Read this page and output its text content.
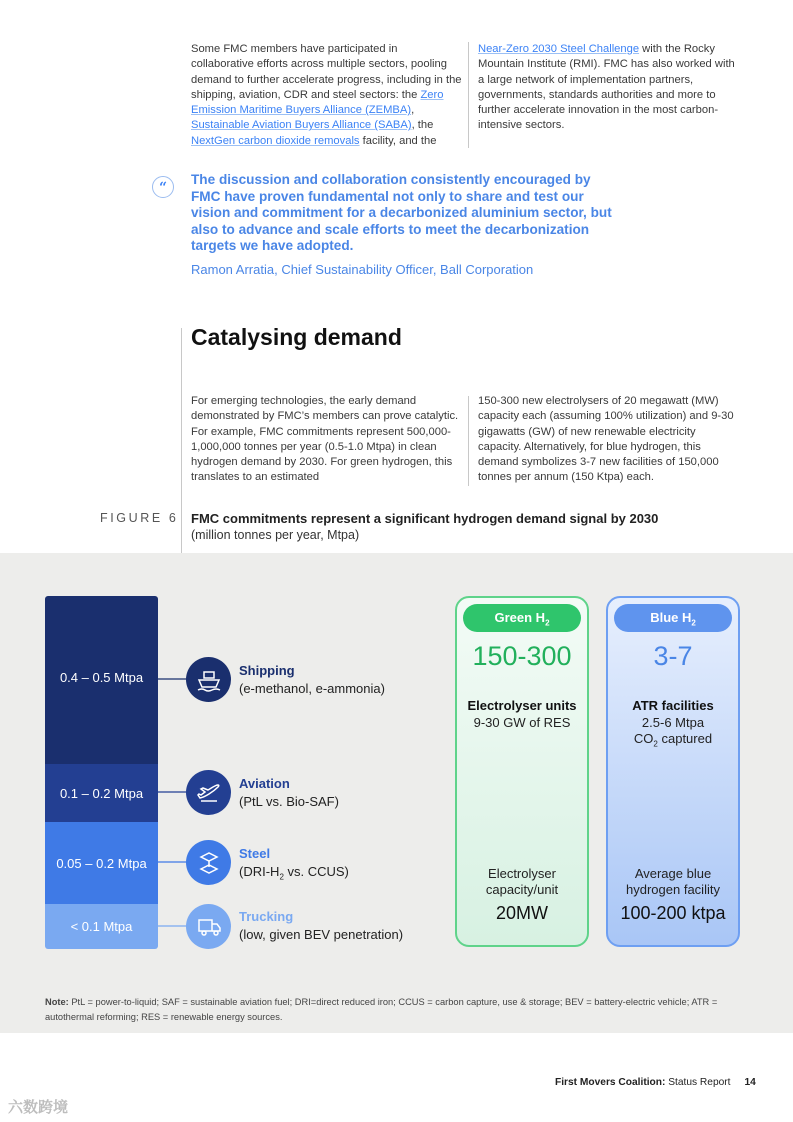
Some FMC members have participated in collaborative efforts across multiple sectors, pooling demand to further accelerate progress, including in the shipping, aviation, CDR and steel sectors: the Zero Emission Maritime Buyers Alliance (ZEMBA), Sustainable Aviation Buyers Alliance (SABA), the NextGen carbon dioxide removals facility, and the
Near-Zero 2030 Steel Challenge with the Rocky Mountain Institute (RMI). FMC has also worked with a large network of implementation partners, governments, standards authorities and more to further accelerate innovation in the most carbon-intensive sectors.
“
The discussion and collaboration consistently encouraged by FMC have proven fundamental not only to share and test our vision and commitment for a decarbonized aluminium sector, but also to advance and scale efforts to meet the decarbonization targets we have adopted.
Ramon Arratia, Chief Sustainability Officer, Ball Corporation
Catalysing demand
For emerging technologies, the early demand demonstrated by FMC’s members can prove catalytic. For example, FMC commitments represent 500,000-1,000,000 tonnes per year (0.5-1.0 Mtpa) in clean hydrogen demand by 2030. For green hydrogen, this translates to an estimated
150-300 new electrolysers of 20 megawatt (MW) capacity each (assuming 100% utilization) and 9-30 gigawatts (GW) of new renewable electricity capacity. Alternatively, for blue hydrogen, this demand symbolizes 3-7 new facilities of 150,000 tonnes per annum (150 Ktpa) each.
FIGURE 6 FMC commitments represent a significant hydrogen demand signal by 2030
(million tonnes per year, Mtpa)
0.4 – 0.5 Mtpa
0.1 – 0.2 Mtpa
0.05 – 0.2 Mtpa
< 0.1 Mtpa
Shipping
(e-methanol, e-ammonia)
Aviation
(PtL vs. Bio-SAF)
Steel
($DRI-H_2$ vs. CCUS)
Trucking
(low, given BEV penetration)
Green $H_2$
150-300
Electrolyser units
9-30 GW of RES
Electrolyser
capacity/unit
20MW
Blue $H_2$
3-7
ATR facilities
2.5-6 Mtpa
$CO_2$ captured
Average blue
hydrogen facility
100-200 ktpa
Note: PtL = power-to-liquid; SAF = sustainable aviation fuel; DRI=direct reduced iron; CCUS = carbon capture, use & storage; BEV = battery-electric vehicle; ATR = autothermal reforming; RES = renewable energy sources.
First Movers Coalition: Status Report 14
六数跨境
